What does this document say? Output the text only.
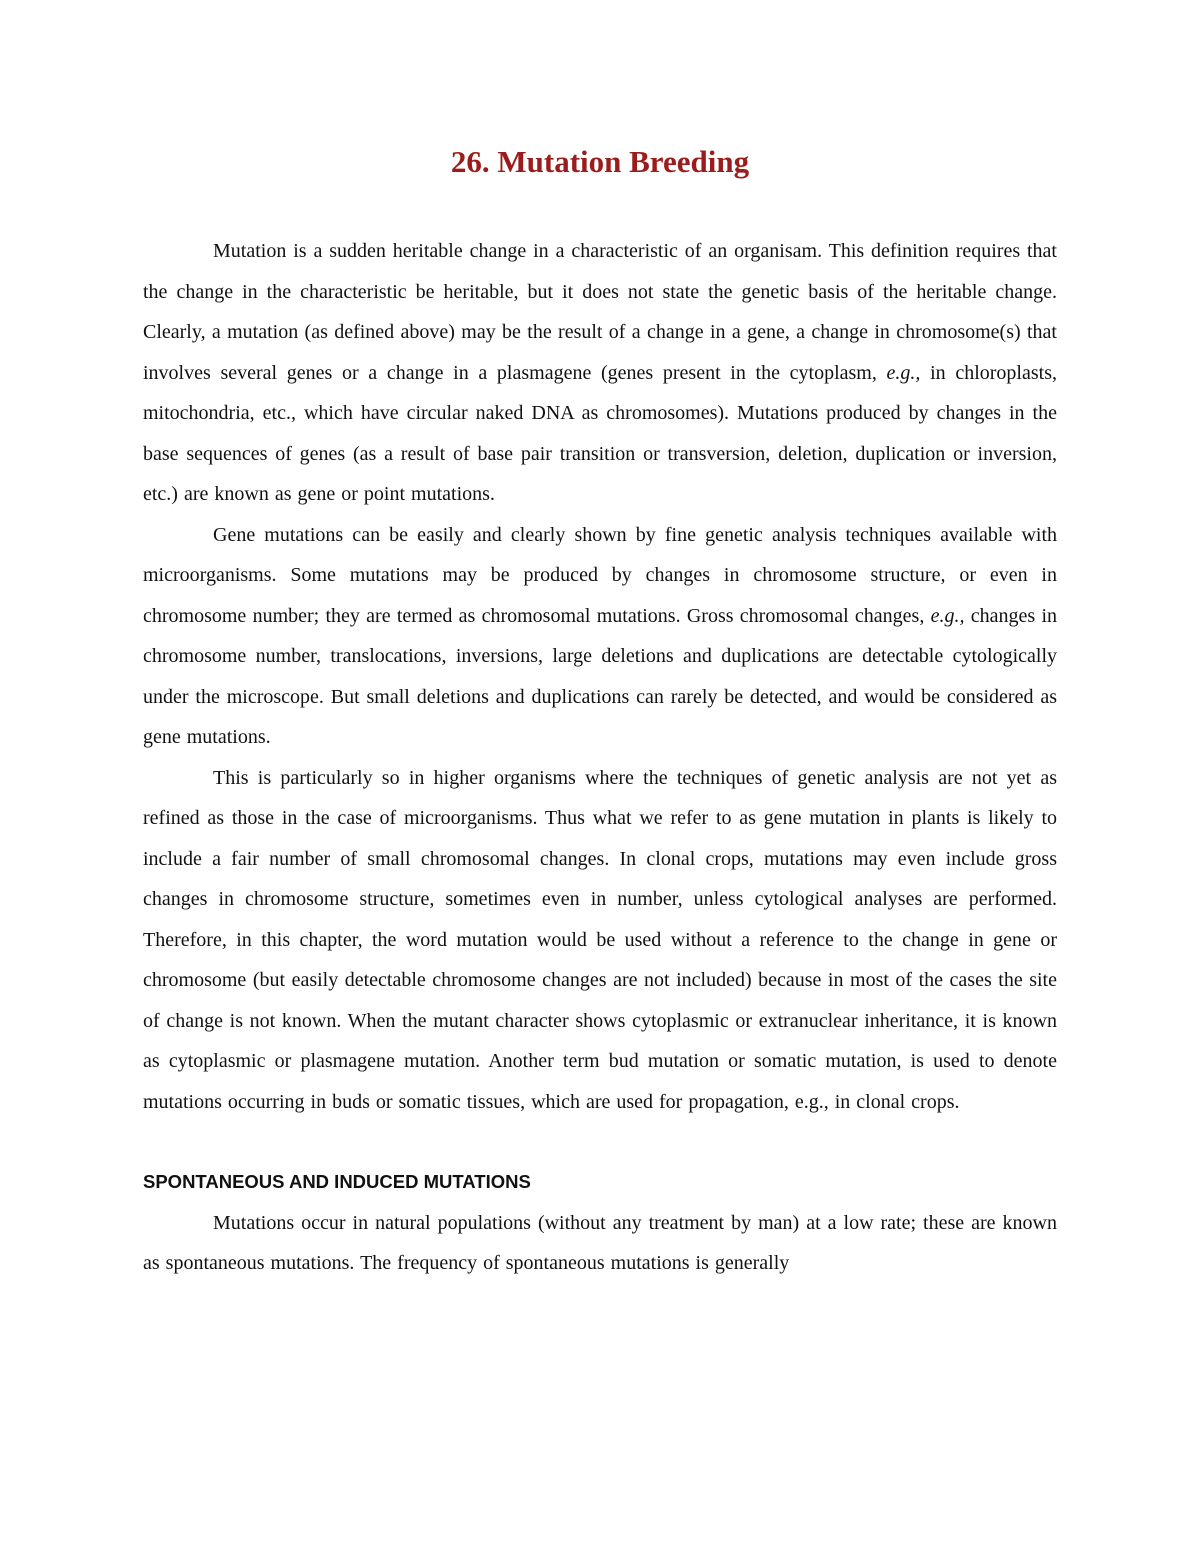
26. Mutation Breeding

Mutation is a sudden heritable change in a characteristic of an organisam. This definition requires that the change in the characteristic be heritable, but it does not state the genetic basis of the heritable change. Clearly, a mutation (as defined above) may be the result of a change in a gene, a change in chromosome(s) that involves several genes or a change in a plasmagene (genes present in the cytoplasm, e.g., in chloroplasts, mitochondria, etc., which have circular naked DNA as chromosomes). Mutations produced by changes in the base sequences of genes (as a result of base pair transition or transversion, deletion, duplication or inversion, etc.) are known as gene or point mutations.

Gene mutations can be easily and clearly shown by fine genetic analysis techniques available with microorganisms. Some mutations may be produced by changes in chromosome structure, or even in chromosome number; they are termed as chromosomal mutations. Gross chromosomal changes, e.g., changes in chromosome number, translocations, inversions, large deletions and duplications are detectable cytologically under the microscope. But small deletions and duplications can rarely be detected, and would be considered as gene mutations.

This is particularly so in higher organisms where the techniques of genetic analysis are not yet as refined as those in the case of microorganisms. Thus what we refer to as gene mutation in plants is likely to include a fair number of small chromosomal changes. In clonal crops, mutations may even include gross changes in chromosome structure, sometimes even in number, unless cytological analyses are performed. Therefore, in this chapter, the word mutation would be used without a reference to the change in gene or chromosome (but easily detectable chromosome changes are not included) because in most of the cases the site of change is not known. When the mutant character shows cytoplasmic or extranuclear inheritance, it is known as cytoplasmic or plasmagene mutation. Another term bud mutation or somatic mutation, is used to denote mutations occurring in buds or somatic tissues, which are used for propagation, e.g., in clonal crops.

SPONTANEOUS AND INDUCED MUTATIONS

Mutations occur in natural populations (without any treatment by man) at a low rate; these are known as spontaneous mutations. The frequency of spontaneous mutations is generally
